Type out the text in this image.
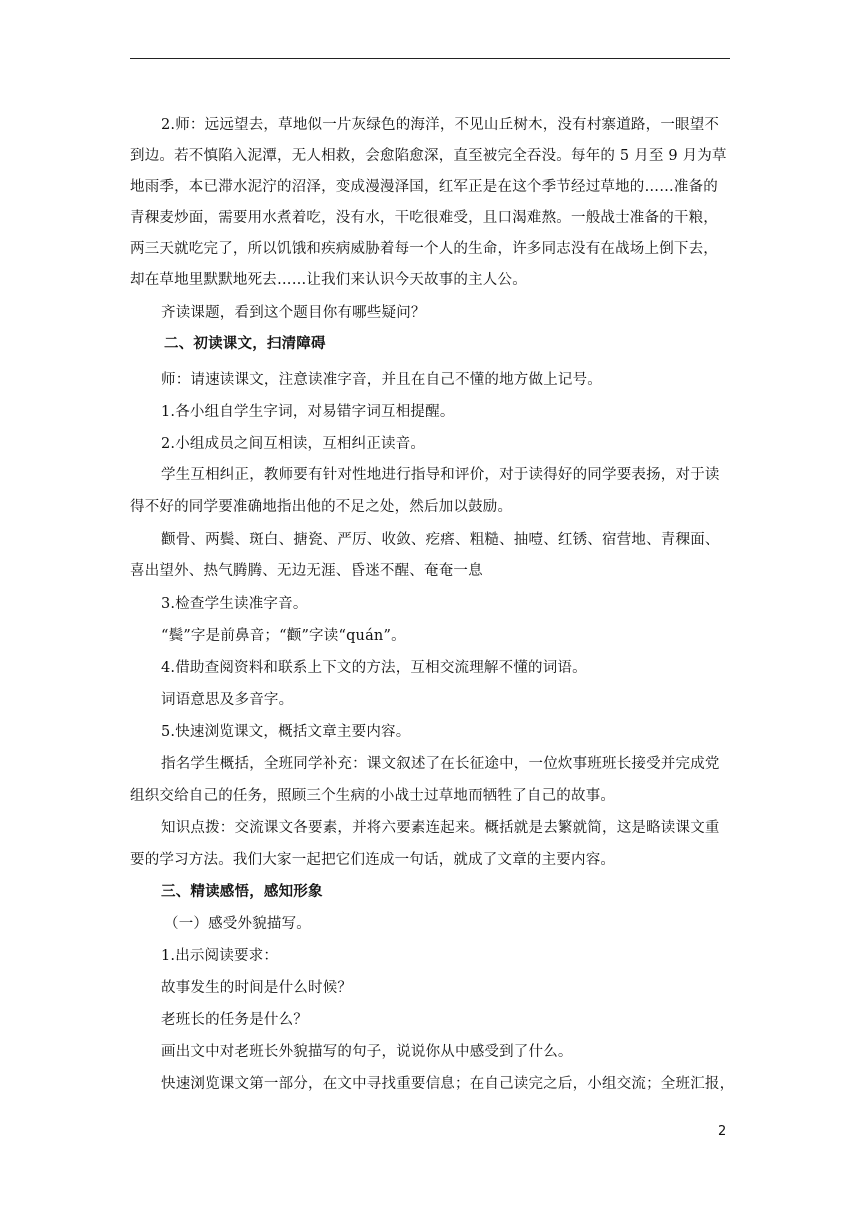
2.师：远远望去，草地似一片灰绿色的海洋，不见山丘树木，没有村寨道路，一眼望不
到边。若不慎陷入泥潭，无人相救，会愈陷愈深，直至被完全吞没。每年的 5 月至 9 月为草
地雨季，本已滞水泥泞的沼泽，变成漫漫泽国，红军正是在这个季节经过草地的……准备的
青稞麦炒面，需要用水煮着吃，没有水，干吃很难受，且口渴难熬。一般战士准备的干粮，
两三天就吃完了，所以饥饿和疾病威胁着每一个人的生命，许多同志没有在战场上倒下去，
却在草地里默默地死去……让我们来认识今天故事的主人公。
齐读课题，看到这个题目你有哪些疑问？
二、初读课文，扫清障碍
师：请速读课文，注意读准字音，并且在自己不懂的地方做上记号。
1.各小组自学生字词，对易错字词互相提醒。
2.小组成员之间互相读，互相纠正读音。
学生互相纠正，教师要有针对性地进行指导和评价，对于读得好的同学要表扬，对于读
得不好的同学要准确地指出他的不足之处，然后加以鼓励。
颧骨、两鬓、斑白、搪瓷、严厉、收敛、疙瘩、粗糙、抽噎、红锈、宿营地、青稞面、
喜出望外、热气腾腾、无边无涯、昏迷不醒、奄奄一息
3.检查学生读准字音。
“鬓”字是前鼻音；“颧”字读“quán”。
4.借助查阅资料和联系上下文的方法，互相交流理解不懂的词语。
词语意思及多音字。
5.快速浏览课文，概括文章主要内容。
指名学生概括，全班同学补充：课文叙述了在长征途中，一位炊事班班长接受并完成党
组织交给自己的任务，照顾三个生病的小战士过草地而牺牲了自己的故事。
知识点拨：交流课文各要素，并将六要素连起来。概括就是去繁就简，这是略读课文重
要的学习方法。我们大家一起把它们连成一句话，就成了文章的主要内容。
三、精读感悟，感知形象
（一）感受外貌描写。
1.出示阅读要求：
故事发生的时间是什么时候？
老班长的任务是什么？
画出文中对老班长外貌描写的句子，说说你从中感受到了什么。
快速浏览课文第一部分，在文中寻找重要信息；在自己读完之后，小组交流；全班汇报，
2
